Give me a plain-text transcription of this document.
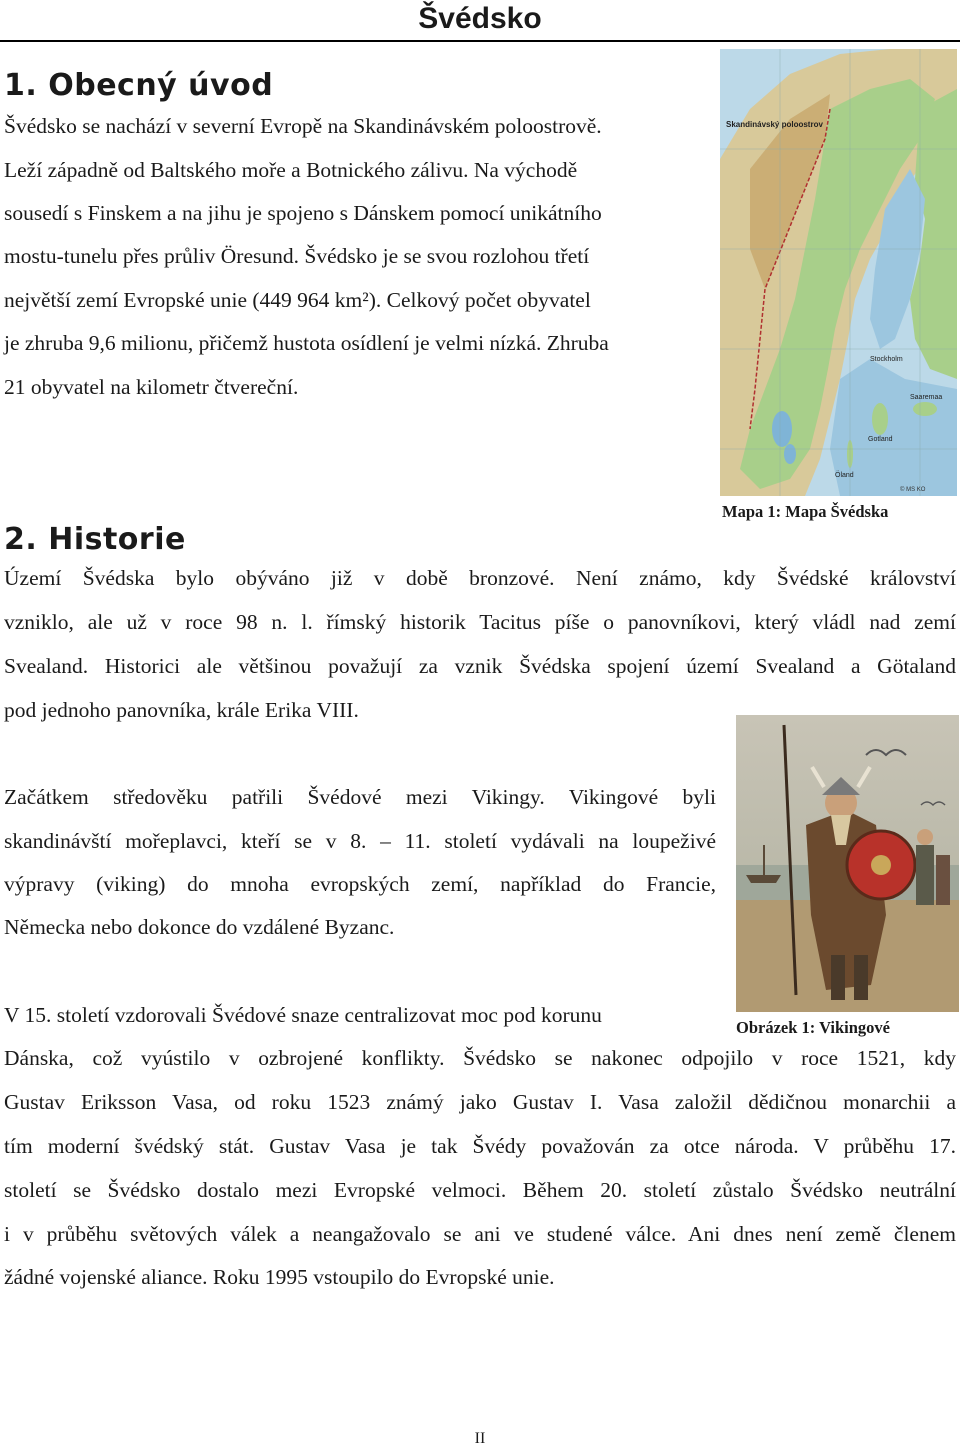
Švédsko
1. Obecný úvod
Švédsko se nachází v severní Evropě na Skandinávském poloostrově.
Leží západně od Baltského moře a Botnického zálivu. Na východě
sousedí s Finskem a na jihu je spojeno s Dánskem pomocí unikátního
mostu-tunelu přes průliv Öresund. Švédsko je se svou rozlohou třetí
největší zemí Evropské unie (449 964 km²). Celkový počet obyvatel
je zhruba 9,6 milionu, přičemž hustota osídlení je velmi nízká. Zhruba
21 obyvatel na kilometr čtvereční.
Skandinávský poloostrov
Stockholm
Gotland
Öland
Saaremaa
© MS KO
Mapa 1: Mapa Švédska
2. Historie
Území Švédska bylo obýváno již v době bronzové. Není známo, kdy Švédské království
vzniklo, ale už v roce 98 n. l. římský historik Tacitus píše o panovníkovi, který vládl nad zemí
Svealand. Historici ale většinou považují za vznik Švédska spojení území Svealand a Götaland
pod jednoho panovníka, krále Erika VIII.
Začátkem středověku patřili Švédové mezi Vikingy. Vikingové byli
skandinávští mořeplavci, kteří se v 8. – 11. století vydávali na loupeživé
výpravy (viking) do mnoha evropských zemí, například do Francie,
Německa nebo dokonce do vzdálené Byzanc.
V 15. století vzdorovali Švédové snaze centralizovat moc pod korunu
Dánska, což vyústilo v ozbrojené konflikty. Švédsko se nakonec odpojilo v roce 1521, kdy
Gustav Eriksson Vasa, od roku 1523 známý jako Gustav I. Vasa založil dědičnou monarchii a
tím moderní švédský stát. Gustav Vasa je tak Švédy považován za otce národa. V průběhu 17.
století se Švédsko dostalo mezi Evropské velmoci. Během 20. století zůstalo Švédsko neutrální
i v průběhu světových válek a neangažovalo se ani ve studené válce. Ani dnes není země členem
žádné vojenské aliance. Roku 1995 vstoupilo do Evropské unie.
Obrázek 1: Vikingové
II
